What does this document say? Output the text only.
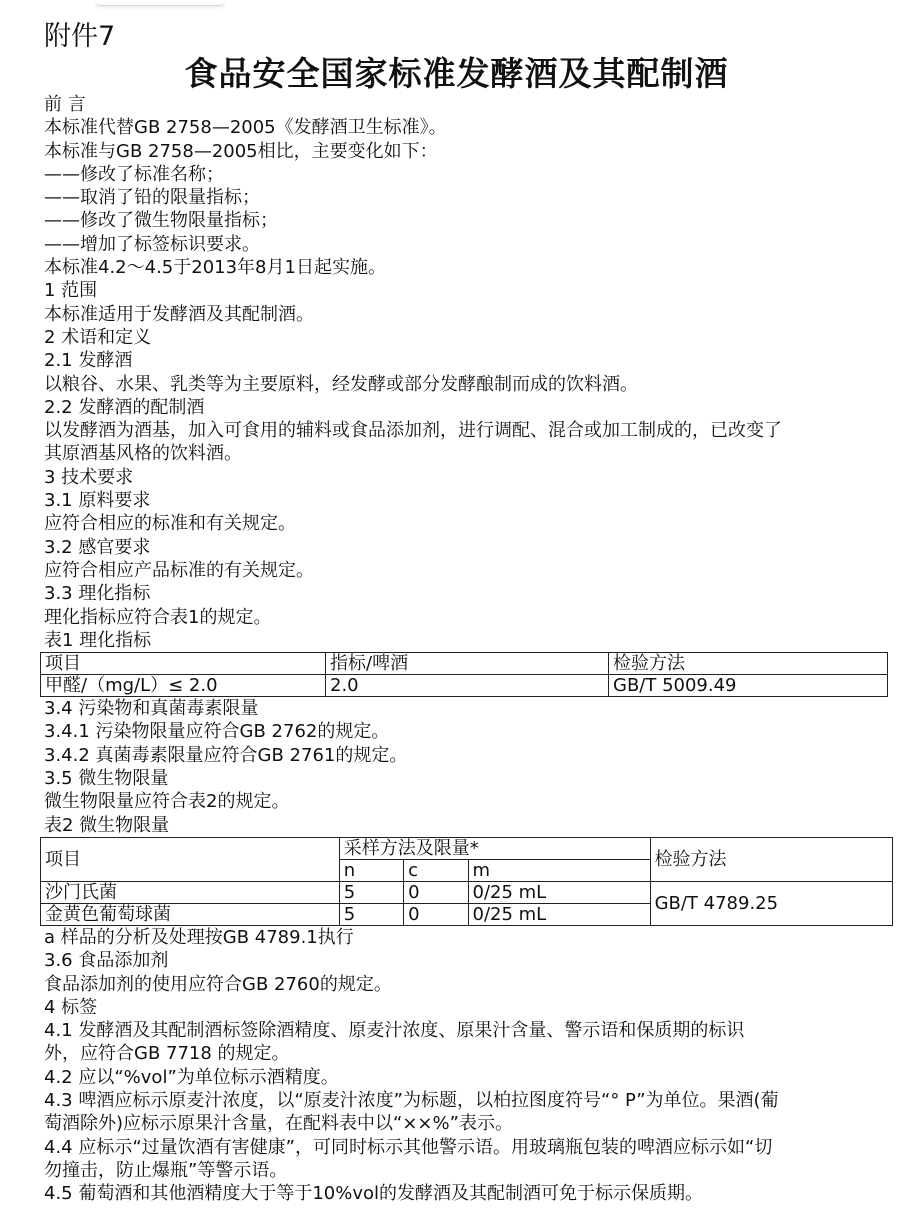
附件7
食品安全国家标准发酵酒及其配制酒
前 言
本标准代替GB 2758—2005《发酵酒卫生标准》。
本标准与GB 2758—2005相比，主要变化如下：
——修改了标准名称；
——取消了铅的限量指标；
——修改了微生物限量指标；
——增加了标签标识要求。
本标准4.2～4.5于2013年8月1日起实施。
1 范围
本标准适用于发酵酒及其配制酒。
2 术语和定义
2.1 发酵酒
以粮谷、水果、乳类等为主要原料，经发酵或部分发酵酿制而成的饮料酒。
2.2 发酵酒的配制酒
以发酵酒为酒基，加入可食用的辅料或食品添加剂，进行调配、混合或加工制成的，已改变了
其原酒基风格的饮料酒。
3 技术要求
3.1 原料要求
应符合相应的标准和有关规定。
3.2 感官要求
应符合相应产品标准的有关规定。
3.3 理化指标
理化指标应符合表1的规定。
表1 理化指标
项目	指标/啤酒	检验方法
甲醛/（mg/L）≤ 2.0	2.0	GB/T 5009.49
3.4 污染物和真菌毒素限量
3.4.1 污染物限量应符合GB 2762的规定。
3.4.2 真菌毒素限量应符合GB 2761的规定。
3.5 微生物限量
微生物限量应符合表2的规定。
表2 微生物限量
项目	采样方法及限量*			检验方法
	n	c	m	
沙门氏菌	5	0	0/25 mL	GB/T 4789.25
金黄色葡萄球菌	5	0	0/25 mL	
a 样品的分析及处理按GB 4789.1执行
3.6 食品添加剂
食品添加剂的使用应符合GB 2760的规定。
4 标签
4.1 发酵酒及其配制酒标签除酒精度、原麦汁浓度、原果汁含量、警示语和保质期的标识
外，应符合GB 7718 的规定。
4.2 应以“%vol”为单位标示酒精度。
4.3 啤酒应标示原麦汁浓度，以“原麦汁浓度”为标题，以柏拉图度符号“° P”为单位。果酒(葡
萄酒除外)应标示原果汁含量，在配料表中以“××%”表示。
4.4 应标示“过量饮酒有害健康”，可同时标示其他警示语。用玻璃瓶包装的啤酒应标示如“切
勿撞击，防止爆瓶”等警示语。
4.5 葡萄酒和其他酒精度大于等于10%vol的发酵酒及其配制酒可免于标示保质期。
